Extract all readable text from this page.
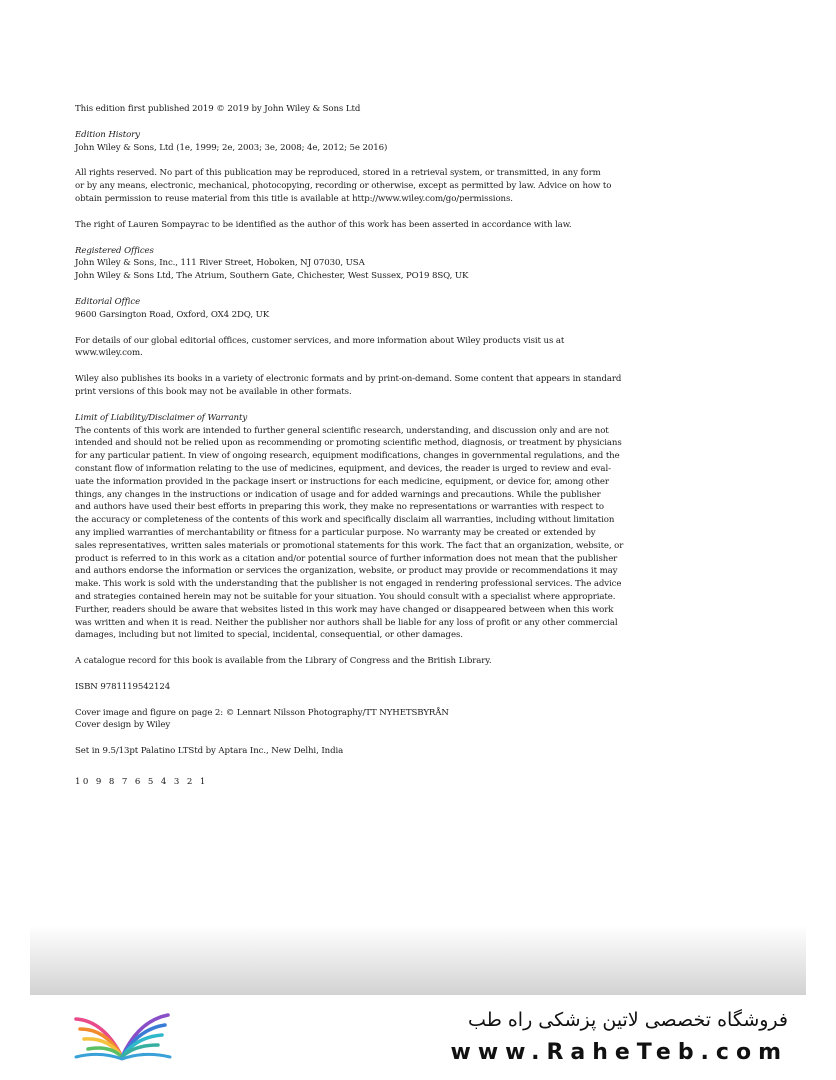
This edition first published 2019 © 2019 by John Wiley & Sons Ltd

Edition History
John Wiley & Sons, Ltd (1e, 1999; 2e, 2003; 3e, 2008; 4e, 2012; 5e 2016)

All rights reserved. No part of this publication may be reproduced, stored in a retrieval system, or transmitted, in any form
or by any means, electronic, mechanical, photocopying, recording or otherwise, except as permitted by law. Advice on how to
obtain permission to reuse material from this title is available at http://www.wiley.com/go/permissions.

The right of Lauren Sompayrac to be identified as the author of this work has been asserted in accordance with law.

Registered Offices
John Wiley & Sons, Inc., 111 River Street, Hoboken, NJ 07030, USA
John Wiley & Sons Ltd, The Atrium, Southern Gate, Chichester, West Sussex, PO19 8SQ, UK

Editorial Office
9600 Garsington Road, Oxford, OX4 2DQ, UK

For details of our global editorial offices, customer services, and more information about Wiley products visit us at
www.wiley.com.

Wiley also publishes its books in a variety of electronic formats and by print-on-demand. Some content that appears in standard
print versions of this book may not be available in other formats.

Limit of Liability/Disclaimer of Warranty
The contents of this work are intended to further general scientific research, understanding, and discussion only and are not
intended and should not be relied upon as recommending or promoting scientific method, diagnosis, or treatment by physicians
for any particular patient. In view of ongoing research, equipment modifications, changes in governmental regulations, and the
constant flow of information relating to the use of medicines, equipment, and devices, the reader is urged to review and eval-
uate the information provided in the package insert or instructions for each medicine, equipment, or device for, among other
things, any changes in the instructions or indication of usage and for added warnings and precautions. While the publisher
and authors have used their best efforts in preparing this work, they make no representations or warranties with respect to
the accuracy or completeness of the contents of this work and specifically disclaim all warranties, including without limitation
any implied warranties of merchantability or fitness for a particular purpose. No warranty may be created or extended by
sales representatives, written sales materials or promotional statements for this work. The fact that an organization, website, or
product is referred to in this work as a citation and/or potential source of further information does not mean that the publisher
and authors endorse the information or services the organization, website, or product may provide or recommendations it may
make. This work is sold with the understanding that the publisher is not engaged in rendering professional services. The advice
and strategies contained herein may not be suitable for your situation. You should consult with a specialist where appropriate.
Further, readers should be aware that websites listed in this work may have changed or disappeared between when this work
was written and when it is read. Neither the publisher nor authors shall be liable for any loss of profit or any other commercial
damages, including but not limited to special, incidental, consequential, or other damages.

A catalogue record for this book is available from the Library of Congress and the British Library.

ISBN 9781119542124

Cover image and figure on page 2: © Lennart Nilsson Photography/TT NYHETSBYRÅN
Cover design by Wiley

Set in 9.5/13pt Palatino LTStd by Aptara Inc., New Delhi, India

10 9 8 7 6 5 4 3 2 1

فروشگاه تخصصی لاتین پزشکی راه طب
www.RaheTeb.com
